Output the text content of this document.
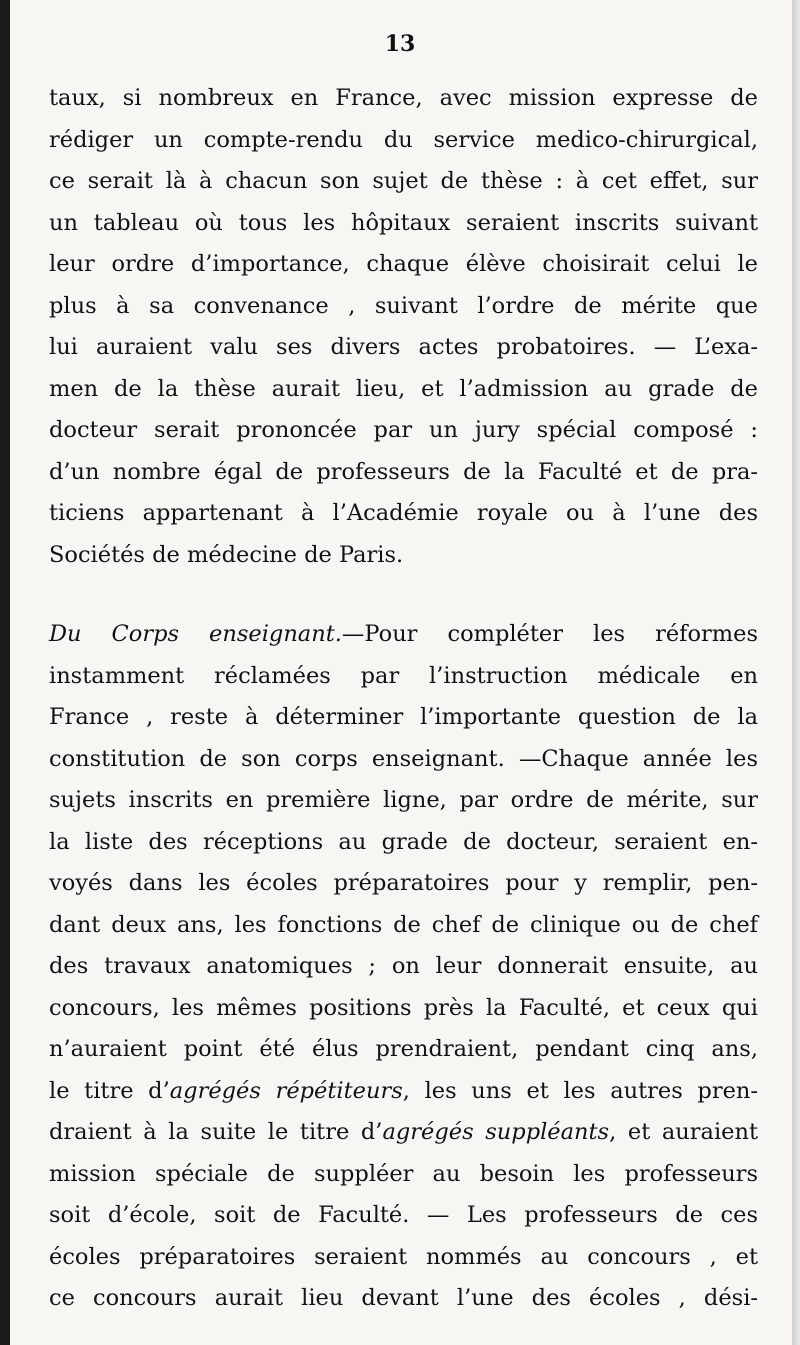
13
taux, si nombreux en France, avec mission expresse de
rédiger un compte-rendu du service medico-chirurgical,
ce serait là à chacun son sujet de thèse : à cet effet, sur
un tableau où tous les hôpitaux seraient inscrits suivant
leur ordre d’importance, chaque élève choisirait celui le
plus à sa convenance , suivant l’ordre de mérite que
lui auraient valu ses divers actes probatoires. — L’exa-
men de la thèse aurait lieu, et l’admission au grade de
docteur serait prononcée par un jury spécial composé :
d’un nombre égal de professeurs de la Faculté et de pra-
ticiens appartenant à l’Académie royale ou à l’une des
Sociétés de médecine de Paris.
Du Corps enseignant.—Pour compléter les réformes
instamment réclamées par l’instruction médicale en
France , reste à déterminer l’importante question de la
constitution de son corps enseignant. —Chaque année les
sujets inscrits en première ligne, par ordre de mérite, sur
la liste des réceptions au grade de docteur, seraient en-
voyés dans les écoles préparatoires pour y remplir, pen-
dant deux ans, les fonctions de chef de clinique ou de chef
des travaux anatomiques ; on leur donnerait ensuite, au
concours, les mêmes positions près la Faculté, et ceux qui
n’auraient point été élus prendraient, pendant cinq ans,
le titre d’agrégés répétiteurs, les uns et les autres pren-
draient à la suite le titre d’agrégés suppléants, et auraient
mission spéciale de suppléer au besoin les professeurs
soit d’école, soit de Faculté. — Les professeurs de ces
écoles préparatoires seraient nommés au concours , et
ce concours aurait lieu devant l’une des écoles , dési-
